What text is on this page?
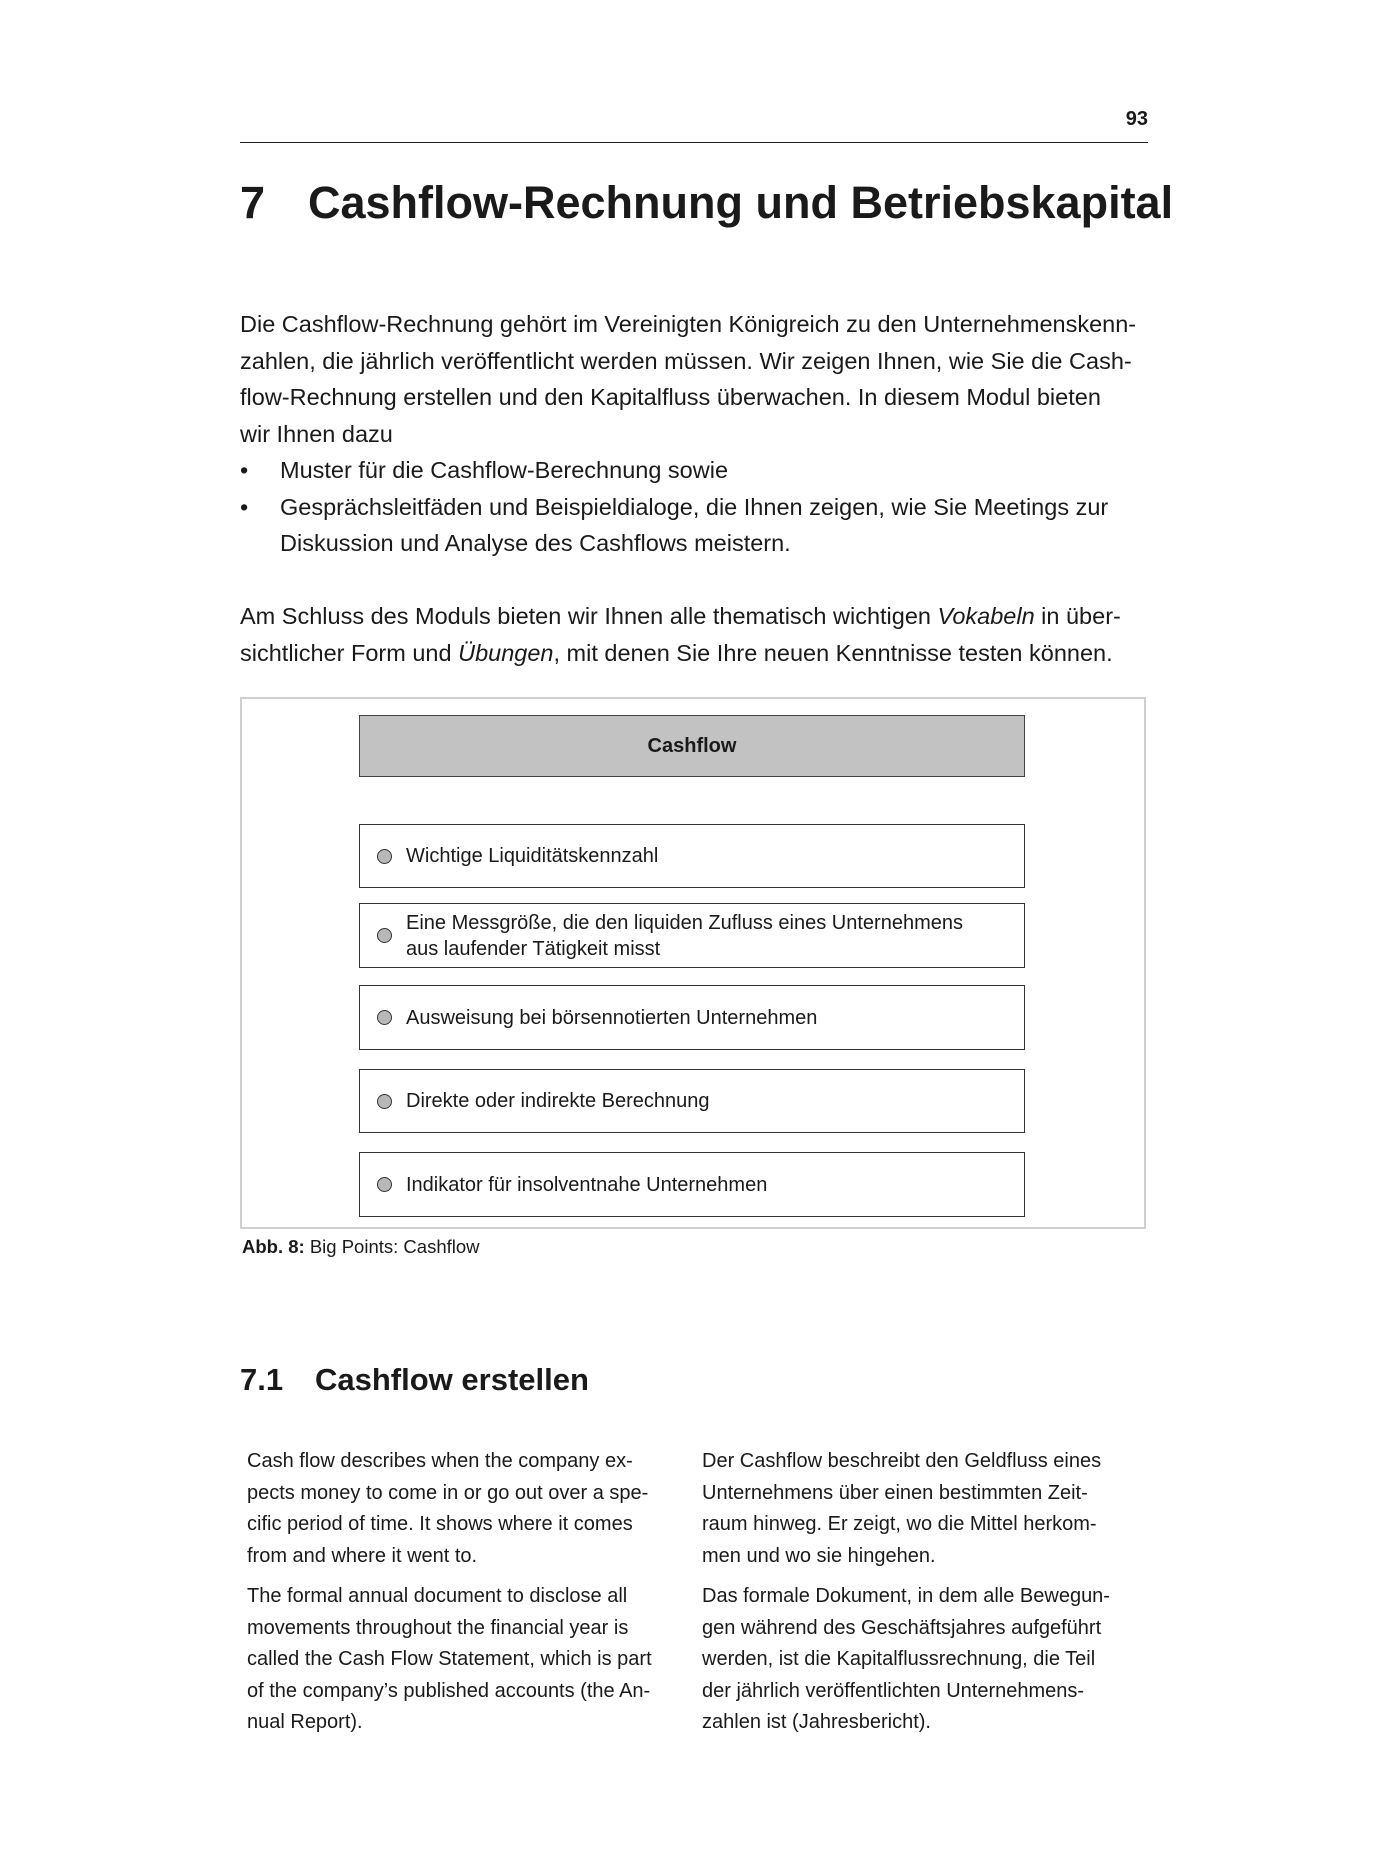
93
7 Cashflow-Rechnung und Betriebskapital

Die Cashflow-Rechnung gehört im Vereinigten Königreich zu den Unternehmenskenn-
zahlen, die jährlich veröffentlicht werden müssen. Wir zeigen Ihnen, wie Sie die Cash-
flow-Rechnung erstellen und den Kapitalfluss überwachen. In diesem Modul bieten
wir Ihnen dazu

• Muster für die Cashflow-Berechnung sowie
• Gesprächsleitfäden und Beispieldialoge, die Ihnen zeigen, wie Sie Meetings zur
Diskussion und Analyse des Cashflows meistern.

Am Schluss des Moduls bieten wir Ihnen alle thematisch wichtigen Vokabeln in über-
sichtlicher Form und Übungen, mit denen Sie Ihre neuen Kenntnisse testen können.

Cashflow
Wichtige Liquiditätskennzahl
Eine Messgröße, die den liquiden Zufluss eines Unternehmens
aus laufender Tätigkeit misst
Ausweisung bei börsennotierten Unternehmen
Direkte oder indirekte Berechnung
Indikator für insolventnahe Unternehmen
Abb. 8: Big Points: Cashflow
7.1 Cashflow erstellen

Cash flow describes when the company ex-
pects money to come in or go out over a spe-
cific period of time. It shows where it comes
from and where it went to.

The formal annual document to disclose all
movements throughout the financial year is
called the Cash Flow Statement, which is part
of the company’s published accounts (the An-
nual Report).

Der Cashflow beschreibt den Geldfluss eines
Unternehmens über einen bestimmten Zeit-
raum hinweg. Er zeigt, wo die Mittel herkom-
men und wo sie hingehen.

Das formale Dokument, in dem alle Bewegun-
gen während des Geschäftsjahres aufgeführt
werden, ist die Kapitalflussrechnung, die Teil
der jährlich veröffentlichten Unternehmens-
zahlen ist (Jahresbericht).
